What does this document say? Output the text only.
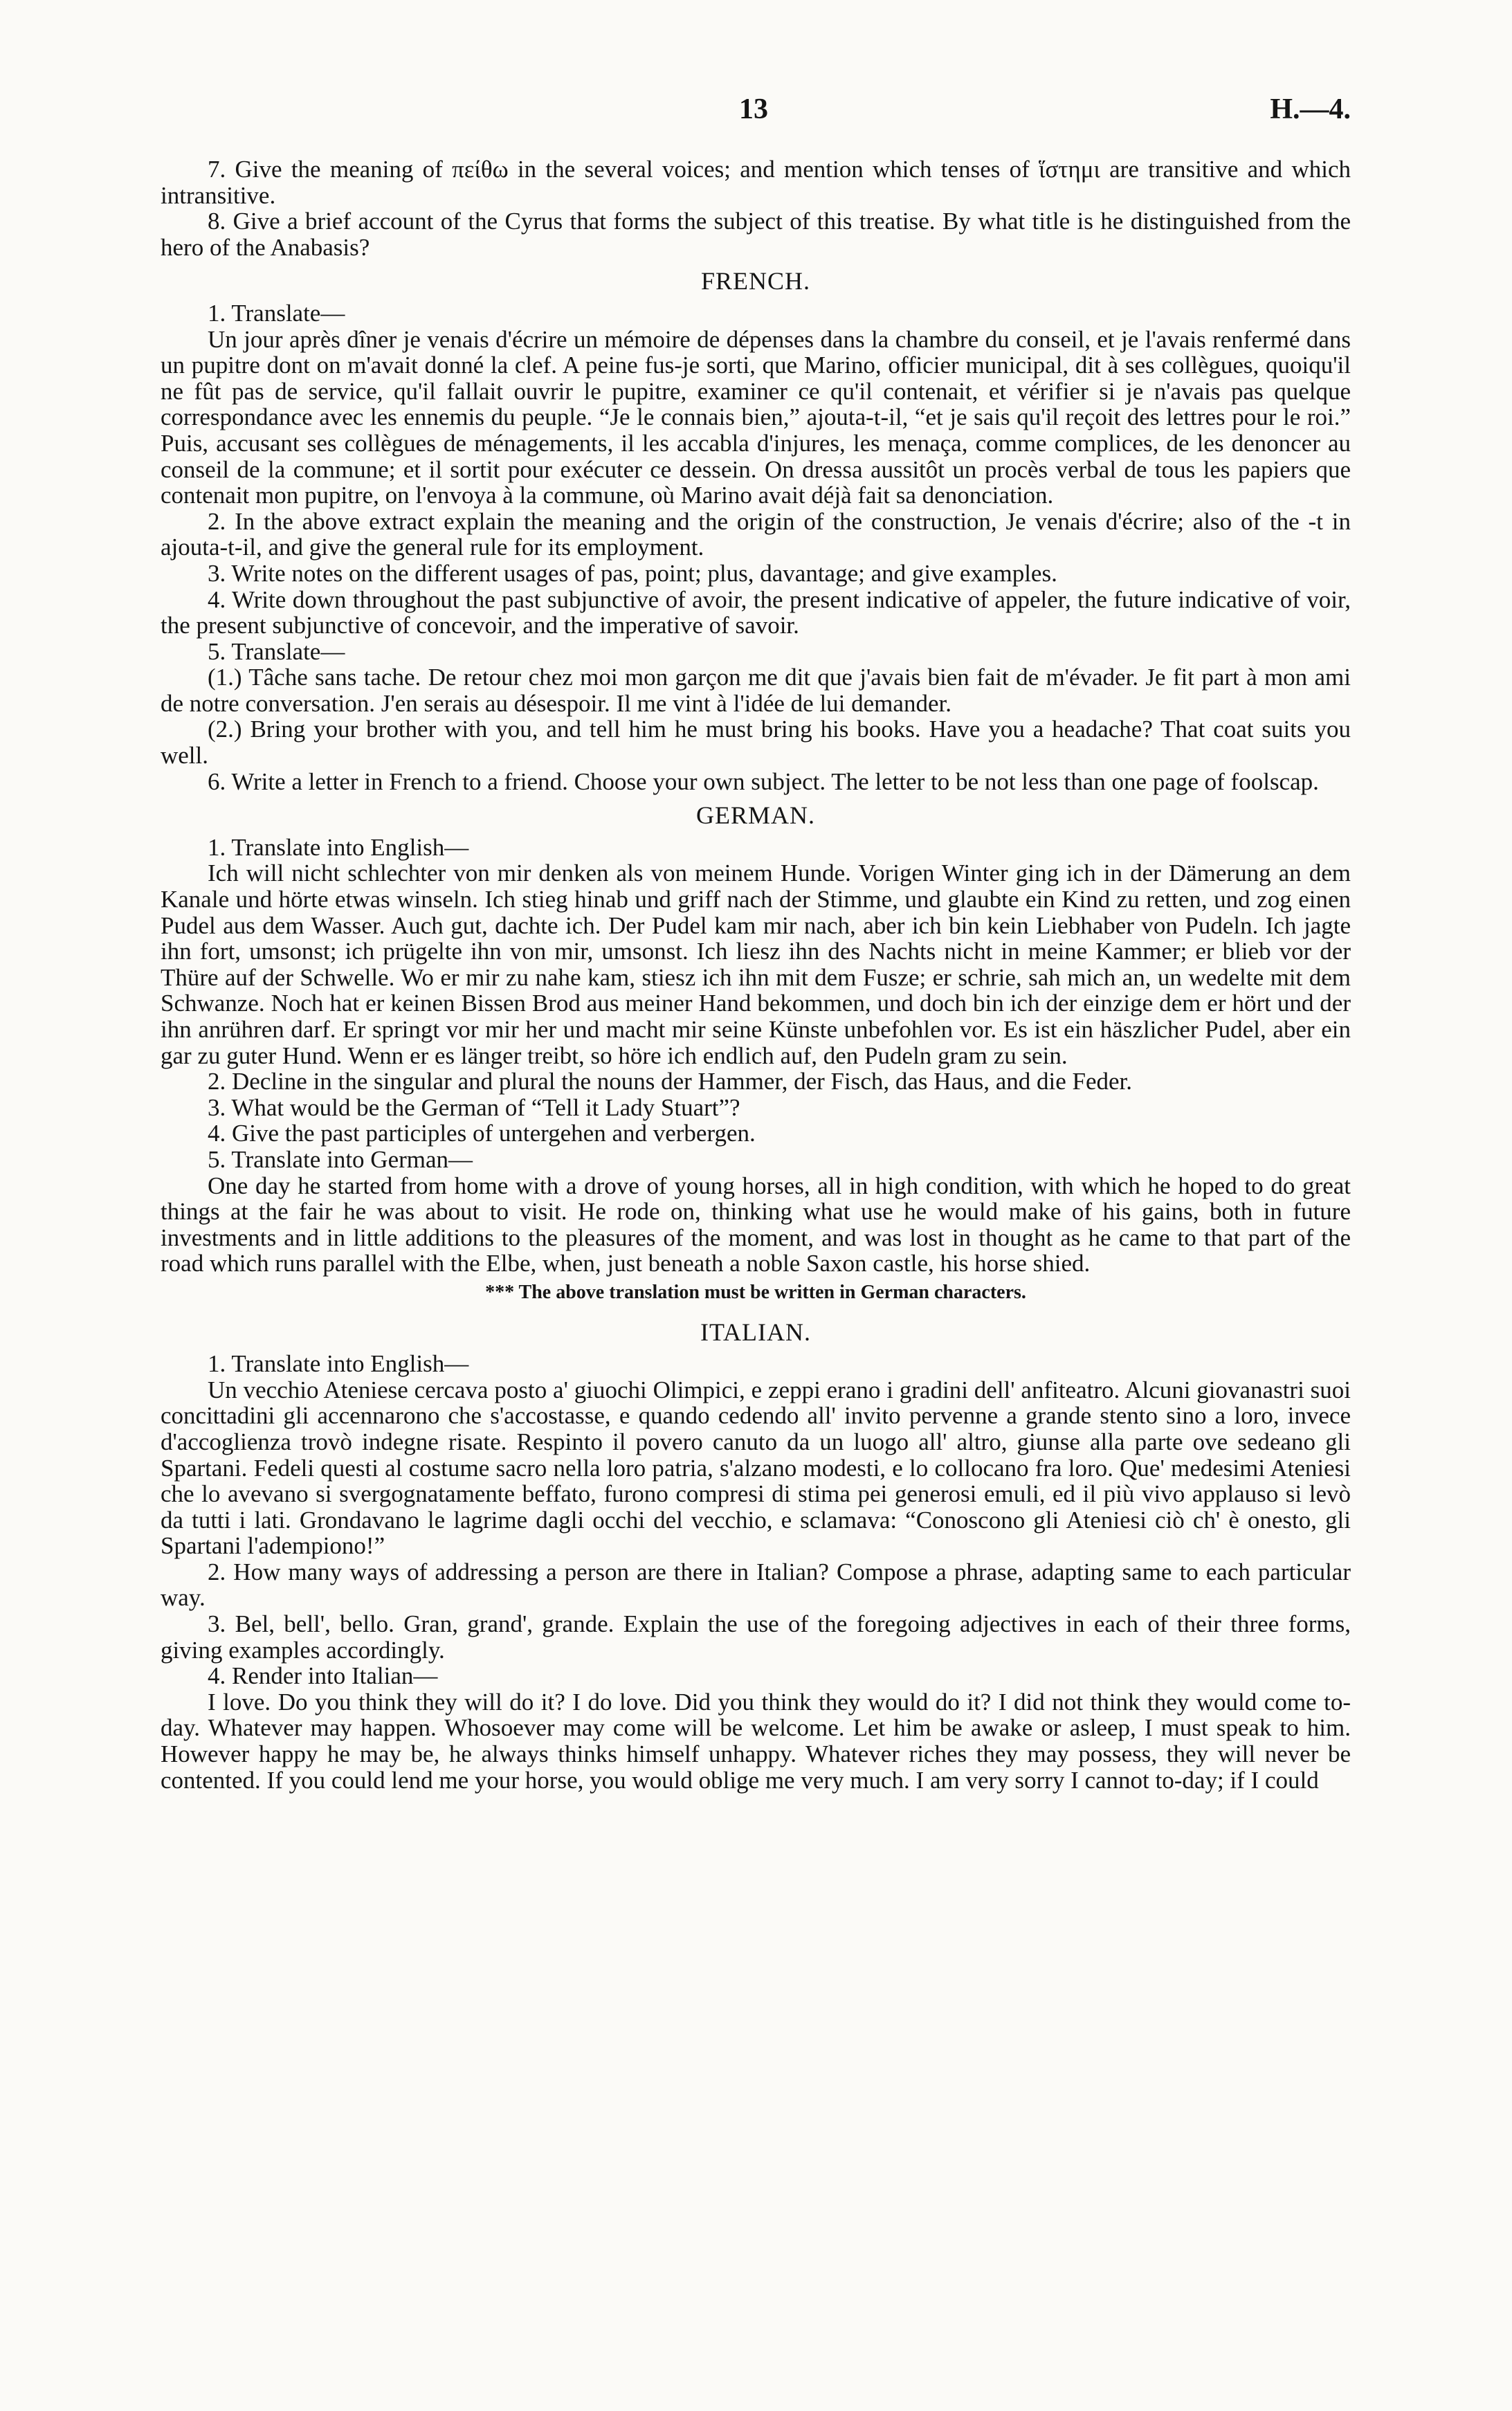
13	H.—4.

7. Give the meaning of πείθω in the several voices; and mention which tenses of ἵστημι are transitive and which intransitive.

8. Give a brief account of the Cyrus that forms the subject of this treatise. By what title is he distinguished from the hero of the Anabasis?

FRENCH.

1. Translate—

Un jour après dîner je venais d'écrire un mémoire de dépenses dans la chambre du conseil, et je l'avais renfermé dans un pupitre dont on m'avait donné la clef. A peine fus-je sorti, que Marino, officier municipal, dit à ses collègues, quoiqu'il ne fût pas de service, qu'il fallait ouvrir le pupitre, examiner ce qu'il contenait, et vérifier si je n'avais pas quelque correspondance avec les ennemis du peuple. “Je le connais bien,” ajouta-t-il, “et je sais qu'il reçoit des lettres pour le roi.” Puis, accusant ses collègues de ménagements, il les accabla d'injures, les menaça, comme complices, de les denoncer au conseil de la commune; et il sortit pour exécuter ce dessein. On dressa aussitôt un procès verbal de tous les papiers que contenait mon pupitre, on l'envoya à la commune, où Marino avait déjà fait sa denonciation.

2. In the above extract explain the meaning and the origin of the construction, Je venais d'écrire; also of the -t in ajouta-t-il, and give the general rule for its employment.

3. Write notes on the different usages of pas, point; plus, davantage; and give examples.

4. Write down throughout the past subjunctive of avoir, the present indicative of appeler, the future indicative of voir, the present subjunctive of concevoir, and the imperative of savoir.

5. Translate—

(1.) Tâche sans tache. De retour chez moi mon garçon me dit que j'avais bien fait de m'évader. Je fit part à mon ami de notre conversation. J'en serais au désespoir. Il me vint à l'idée de lui demander.

(2.) Bring your brother with you, and tell him he must bring his books. Have you a headache? That coat suits you well.

6. Write a letter in French to a friend. Choose your own subject. The letter to be not less than one page of foolscap.

GERMAN.

1. Translate into English—

Ich will nicht schlechter von mir denken als von meinem Hunde. Vorigen Winter ging ich in der Dämerung an dem Kanale und hörte etwas winseln. Ich stieg hinab und griff nach der Stimme, und glaubte ein Kind zu retten, und zog einen Pudel aus dem Wasser. Auch gut, dachte ich. Der Pudel kam mir nach, aber ich bin kein Liebhaber von Pudeln. Ich jagte ihn fort, umsonst; ich prügelte ihn von mir, umsonst. Ich liesz ihn des Nachts nicht in meine Kammer; er blieb vor der Thüre auf der Schwelle. Wo er mir zu nahe kam, stiesz ich ihn mit dem Fusze; er schrie, sah mich an, un wedelte mit dem Schwanze. Noch hat er keinen Bissen Brod aus meiner Hand bekommen, und doch bin ich der einzige dem er hört und der ihn anrühren darf. Er springt vor mir her und macht mir seine Künste unbefohlen vor. Es ist ein häszlicher Pudel, aber ein gar zu guter Hund. Wenn er es länger treibt, so höre ich endlich auf, den Pudeln gram zu sein.

2. Decline in the singular and plural the nouns der Hammer, der Fisch, das Haus, and die Feder.

3. What would be the German of “Tell it Lady Stuart”?

4. Give the past participles of untergehen and verbergen.

5. Translate into German—

One day he started from home with a drove of young horses, all in high condition, with which he hoped to do great things at the fair he was about to visit. He rode on, thinking what use he would make of his gains, both in future investments and in little additions to the pleasures of the moment, and was lost in thought as he came to that part of the road which runs parallel with the Elbe, when, just beneath a noble Saxon castle, his horse shied.

*** The above translation must be written in German characters.

ITALIAN.

1. Translate into English—

Un vecchio Ateniese cercava posto a' giuochi Olimpici, e zeppi erano i gradini dell' anfiteatro. Alcuni giovanastri suoi concittadini gli accennarono che s'accostasse, e quando cedendo all' invito pervenne a grande stento sino a loro, invece d'accoglienza trovò indegne risate. Respinto il povero canuto da un luogo all' altro, giunse alla parte ove sedeano gli Spartani. Fedeli questi al costume sacro nella loro patria, s'alzano modesti, e lo collocano fra loro. Que' medesimi Ateniesi che lo avevano si svergognatamente beffato, furono compresi di stima pei generosi emuli, ed il più vivo applauso si levò da tutti i lati. Grondavano le lagrime dagli occhi del vecchio, e sclamava: “Conoscono gli Ateniesi ciò ch' è onesto, gli Spartani l'adempiono!”

2. How many ways of addressing a person are there in Italian? Compose a phrase, adapting same to each particular way.

3. Bel, bell', bello. Gran, grand', grande. Explain the use of the foregoing adjectives in each of their three forms, giving examples accordingly.

4. Render into Italian—

I love. Do you think they will do it? I do love. Did you think they would do it? I did not think they would come to-day. Whatever may happen. Whosoever may come will be welcome. Let him be awake or asleep, I must speak to him. However happy he may be, he always thinks himself unhappy. Whatever riches they may possess, they will never be contented. If you could lend me your horse, you would oblige me very much. I am very sorry I cannot to-day; if I could
